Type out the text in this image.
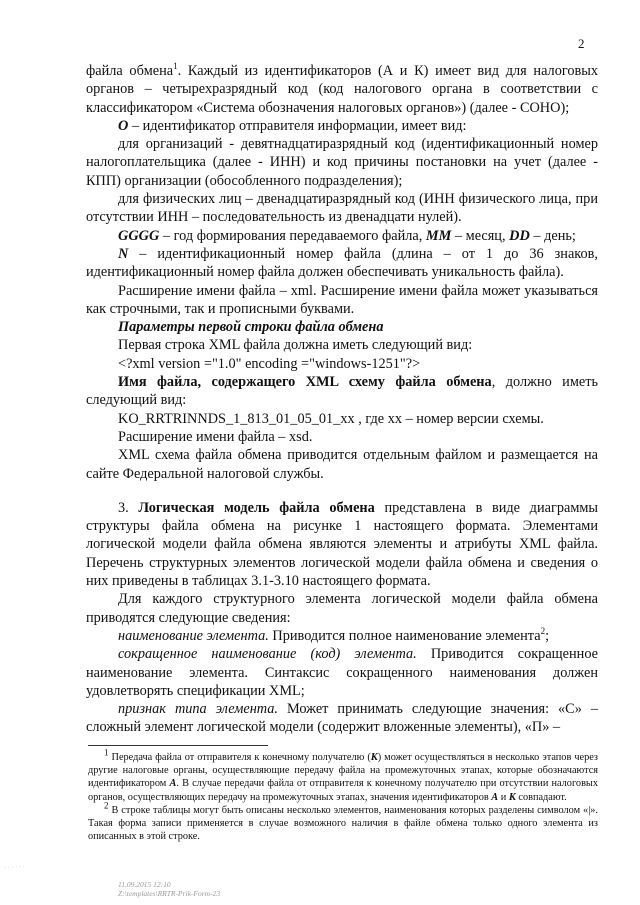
2

файла обмена$^1$. Каждый из идентификаторов (А и К) имеет вид для налоговых органов – четырехразрядный код (код налогового органа в соответствии с классификатором «Система обозначения налоговых органов») (далее - СОНО);

О – идентификатор отправителя информации, имеет вид:

для организаций - девятнадцатиразрядный код (идентификационный номер налогоплательщика (далее - ИНН) и код причины постановки на учет (далее - КПП) организации (обособленного подразделения);

для физических лиц – двенадцатиразрядный код (ИНН физического лица, при отсутствии ИНН – последовательность из двенадцати нулей).

GGGG – год формирования передаваемого файла, ММ – месяц, DD – день;

N – идентификационный номер файла (длина – от 1 до 36 знаков, идентификационный номер файла должен обеспечивать уникальность файла).

Расширение имени файла – xml. Расширение имени файла может указываться как строчными, так и прописными буквами.

Параметры первой строки файла обмена

Первая строка XML файла должна иметь следующий вид:

<?xml version ="1.0" encoding ="windows-1251"?>

Имя файла, содержащего XML схему файла обмена, должно иметь следующий вид:

KO_RRTRINNDS_1_813_01_05_01_xx , где хх – номер версии схемы.

Расширение имени файла – xsd.

XML схема файла обмена приводится отдельным файлом и размещается на сайте Федеральной налоговой службы.

3. Логическая модель файла обмена представлена в виде диаграммы структуры файла обмена на рисунке 1 настоящего формата. Элементами логической модели файла обмена являются элементы и атрибуты XML файла. Перечень структурных элементов логической модели файла обмена и сведения о них приведены в таблицах 3.1-3.10 настоящего формата.

Для каждого структурного элемента логической модели файла обмена приводятся следующие сведения:

наименование элемента. Приводится полное наименование элемента$^2$;

сокращенное наименование (код) элемента. Приводится сокращенное наименование элемента. Синтаксис сокращенного наименования должен удовлетворять спецификации XML;

признак типа элемента. Может принимать следующие значения: «С» – сложный элемент логической модели (содержит вложенные элементы), «П» –

$^1$ Передача файла от отправителя к конечному получателю (К) может осуществляться в несколько этапов через другие налоговые органы, осуществляющие передачу файла на промежуточных этапах, которые обозначаются идентификатором А. В случае передачи файла от отправителя к конечному получателю при отсутствии налоговых органов, осуществляющих передачу на промежуточных этапах, значения идентификаторов А и К совпадают.

$^2$ В строке таблицы могут быть описаны несколько элементов, наименования которых разделены символом «|». Такая форма записи применяется в случае возможного наличия в файле обмена только одного элемента из описанных в этой строке.

11.09.2015 12:10
Z:\templates\RRTR-Prik-Form-23
· · · · · ·
